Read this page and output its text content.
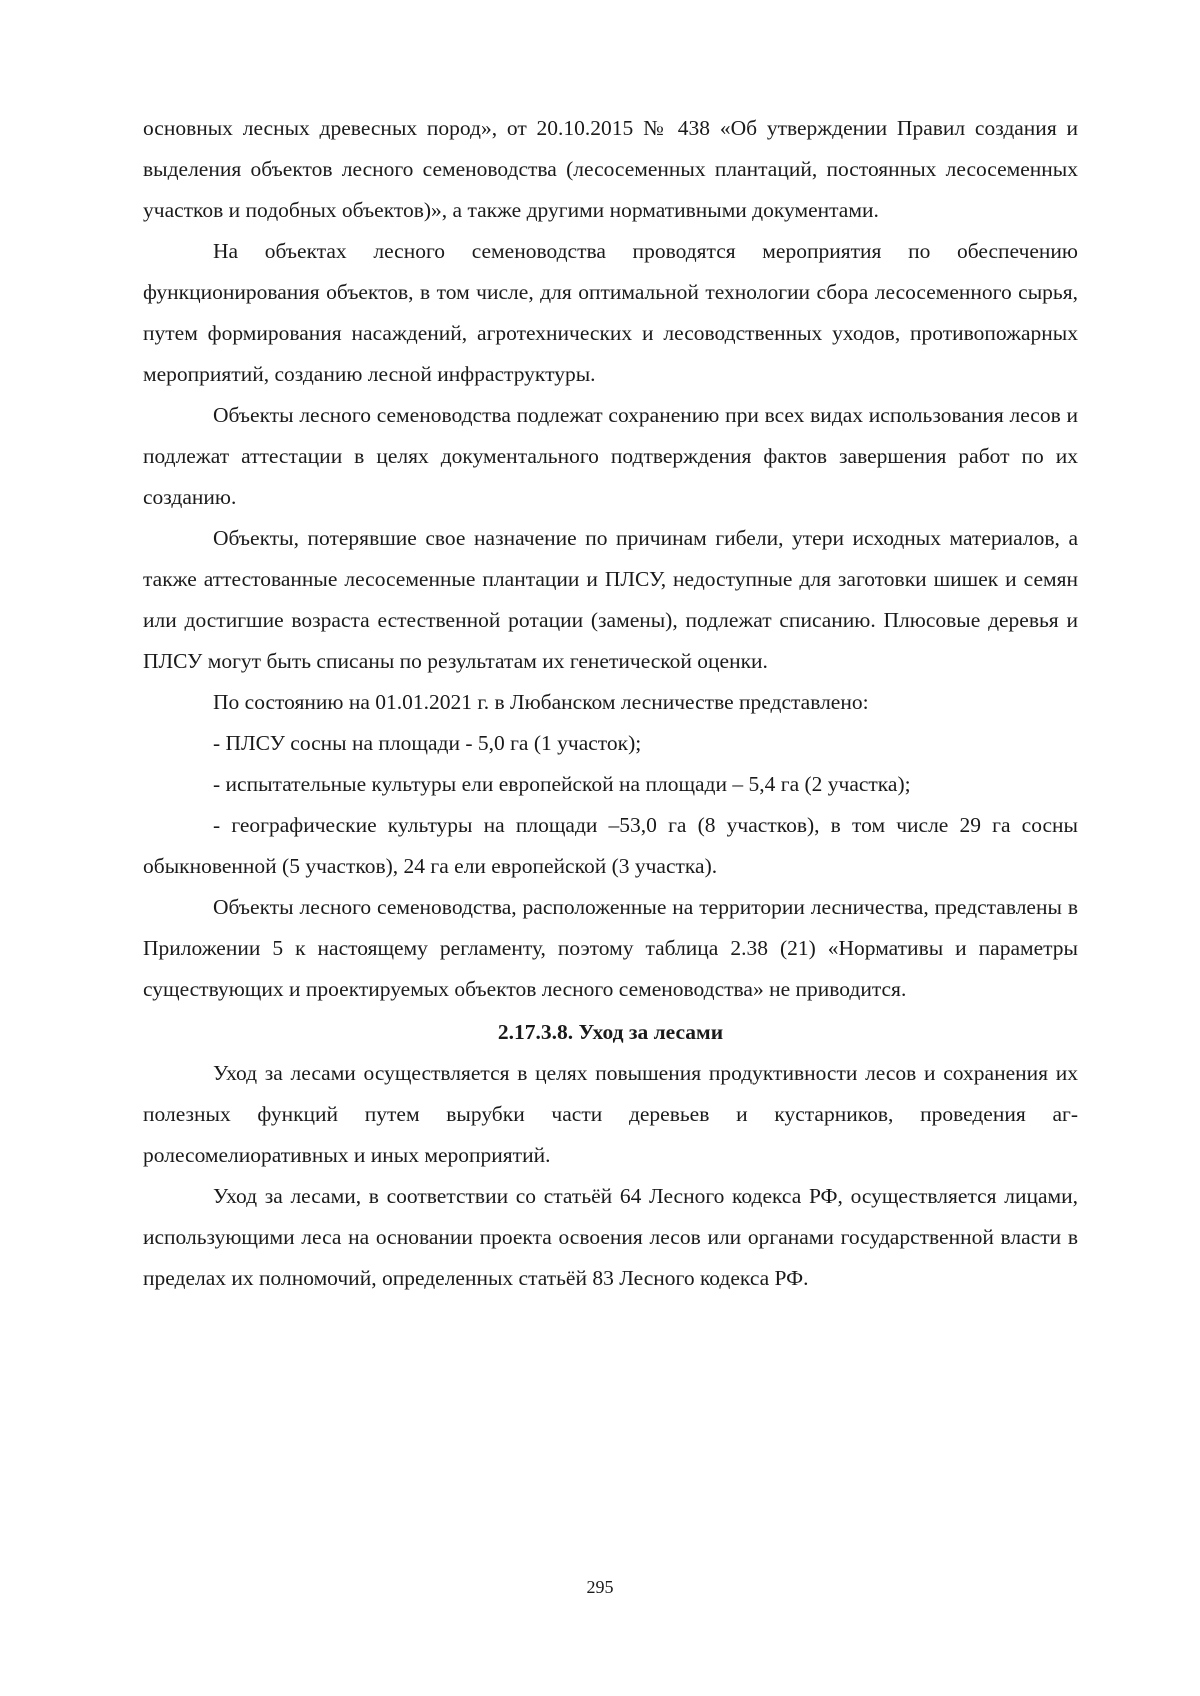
основных лесных древесных пород», от 20.10.2015 № 438 «Об утверждении Правил создания и выделения объектов лесного семеноводства (лесосеменных плантаций, постоянных лесосеменных участков и подобных объектов)», а также другими нормативными документами.

На объектах лесного семеноводства проводятся мероприятия по обеспечению функционирования объектов, в том числе, для оптимальной технологии сбора лесосеменного сырья, путем формирования насаждений, агротехнических и лесоводственных уходов, противопожарных мероприятий, созданию лесной инфраструктуры.

Объекты лесного семеноводства подлежат сохранению при всех видах использования лесов и подлежат аттестации в целях документального подтверждения фактов завершения работ по их созданию.

Объекты, потерявшие свое назначение по причинам гибели, утери исходных материалов, а также аттестованные лесосеменные плантации и ПЛСУ, недоступные для заготовки шишек и семян или достигшие возраста естественной ротации (замены), подлежат списанию. Плюсовые деревья и ПЛСУ могут быть списаны по результатам их генетической оценки.

По состоянию на 01.01.2021 г. в Любанском лесничестве представлено:

- ПЛСУ сосны на площади - 5,0 га (1 участок);

- испытательные культуры ели европейской на площади – 5,4 га (2 участка);

- географические культуры на площади –53,0 га (8 участков), в том числе 29 га сосны обыкновенной (5 участков), 24 га ели европейской (3 участка).

Объекты лесного семеноводства, расположенные на территории лесничества, представлены в Приложении 5 к настоящему регламенту, поэтому таблица 2.38 (21) «Нормативы и параметры существующих и проектируемых объектов лесного семеноводства» не приводится.

2.17.3.8. Уход за лесами

Уход за лесами осуществляется в целях повышения продуктивности лесов и сохранения их полезных функций путем вырубки части деревьев и кустарников, проведения агролесомелиоративных и иных мероприятий.

Уход за лесами, в соответствии со статьёй 64 Лесного кодекса РФ, осуществляется лицами, использующими леса на основании проекта освоения лесов или органами государственной власти в пределах их полномочий, определенных статьёй 83 Лесного кодекса РФ.

295
